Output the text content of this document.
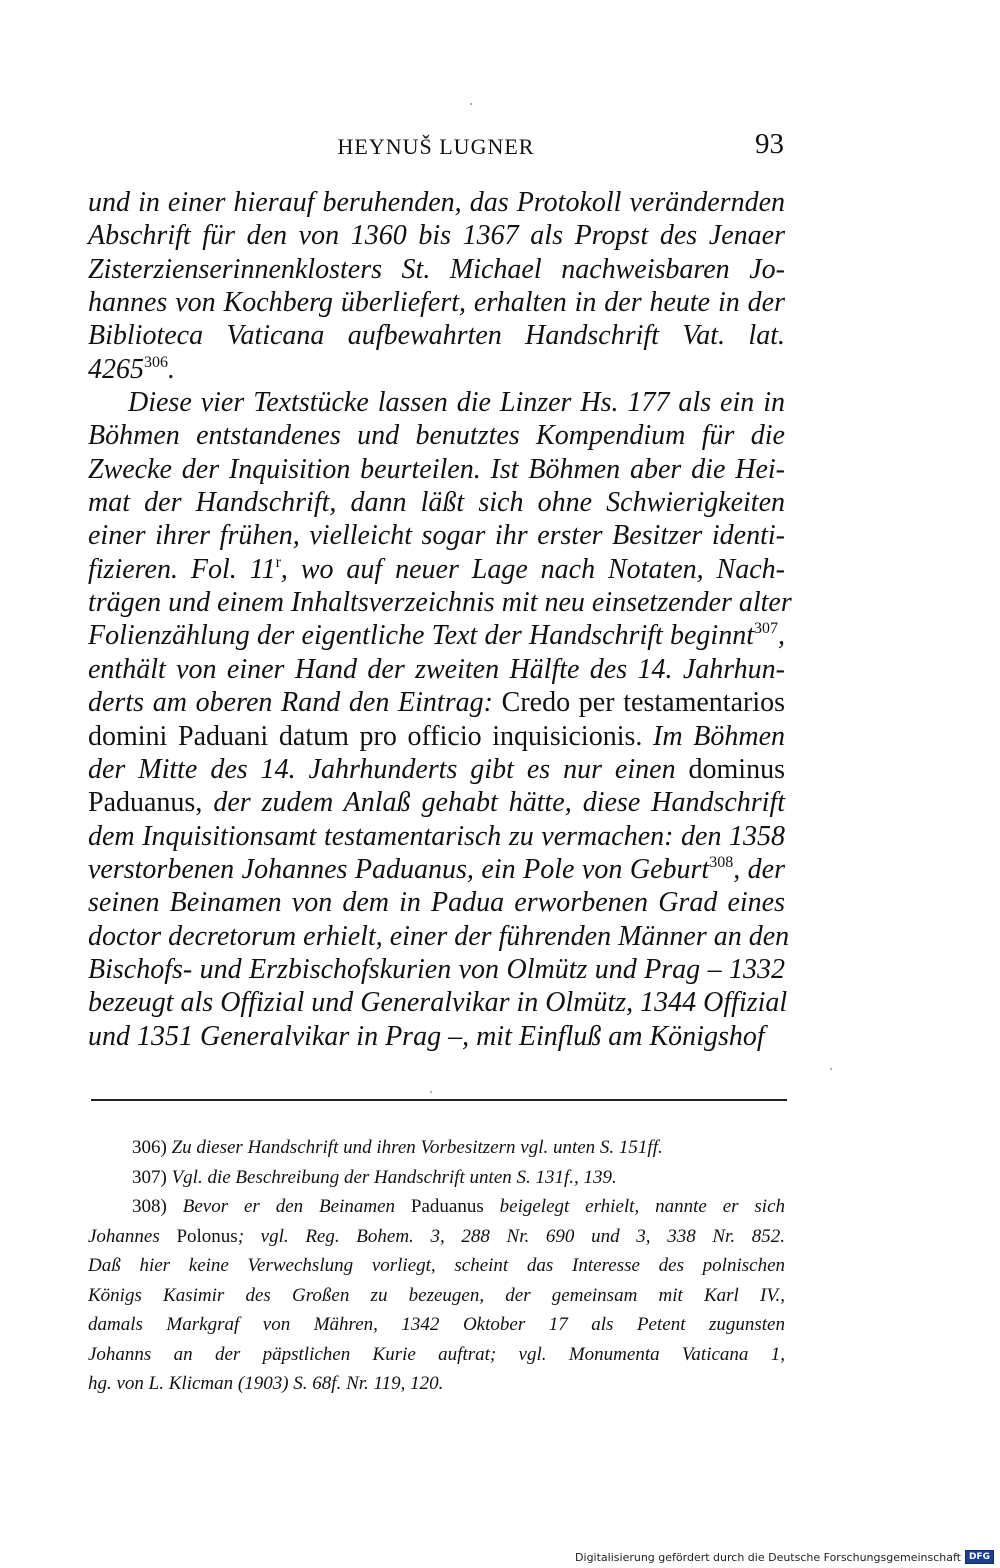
HEYNUŠ LUGNER	93
und in einer hierauf beruhenden, das Protokoll verändernden
Abschrift für den von 1360 bis 1367 als Propst des Jenaer
Zisterzienserinnenklosters St. Michael nachweisbaren Jo-
hannes von Kochberg überliefert, erhalten in der heute in der
Biblioteca Vaticana aufbewahrten Handschrift Vat. lat.
4265$^{306}$.
Diese vier Textstücke lassen die Linzer Hs. 177 als ein in
Böhmen entstandenes und benutztes Kompendium für die
Zwecke der Inquisition beurteilen. Ist Böhmen aber die Hei-
mat der Handschrift, dann läßt sich ohne Schwierigkeiten
einer ihrer frühen, vielleicht sogar ihr erster Besitzer identi-
fizieren. Fol. 11$^r$, wo auf neuer Lage nach Notaten, Nach-
trägen und einem Inhaltsverzeichnis mit neu einsetzender alter
Folienzählung der eigentliche Text der Handschrift beginnt$^{307}$,
enthält von einer Hand der zweiten Hälfte des 14. Jahrhun-
derts am oberen Rand den Eintrag: Credo per testamentarios
domini Paduani datum pro officio inquisicionis. Im Böhmen
der Mitte des 14. Jahrhunderts gibt es nur einen dominus
Paduanus, der zudem Anlaß gehabt hätte, diese Handschrift
dem Inquisitionsamt testamentarisch zu vermachen: den 1358
verstorbenen Johannes Paduanus, ein Pole von Geburt$^{308}$, der
seinen Beinamen von dem in Padua erworbenen Grad eines
doctor decretorum erhielt, einer der führenden Männer an den
Bischofs- und Erzbischofskurien von Olmütz und Prag – 1332
bezeugt als Offizial und Generalvikar in Olmütz, 1344 Offizial
und 1351 Generalvikar in Prag –, mit Einfluß am Königshof
306) Zu dieser Handschrift und ihren Vorbesitzern vgl. unten S. 151ff.
307) Vgl. die Beschreibung der Handschrift unten S. 131f., 139.
308) Bevor er den Beinamen Paduanus beigelegt erhielt, nannte er sich
Johannes Polonus; vgl. Reg. Bohem. 3, 288 Nr. 690 und 3, 338 Nr. 852.
Daß hier keine Verwechslung vorliegt, scheint das Interesse des polnischen
Königs Kasimir des Großen zu bezeugen, der gemeinsam mit Karl IV.,
damals Markgraf von Mähren, 1342 Oktober 17 als Petent zugunsten
Johanns an der päpstlichen Kurie auftrat; vgl. Monumenta Vaticana 1,
hg. von L. Klicman (1903) S. 68f. Nr. 119, 120.
Digitalisierung gefördert durch die Deutsche Forschungsgemeinschaft DFG
